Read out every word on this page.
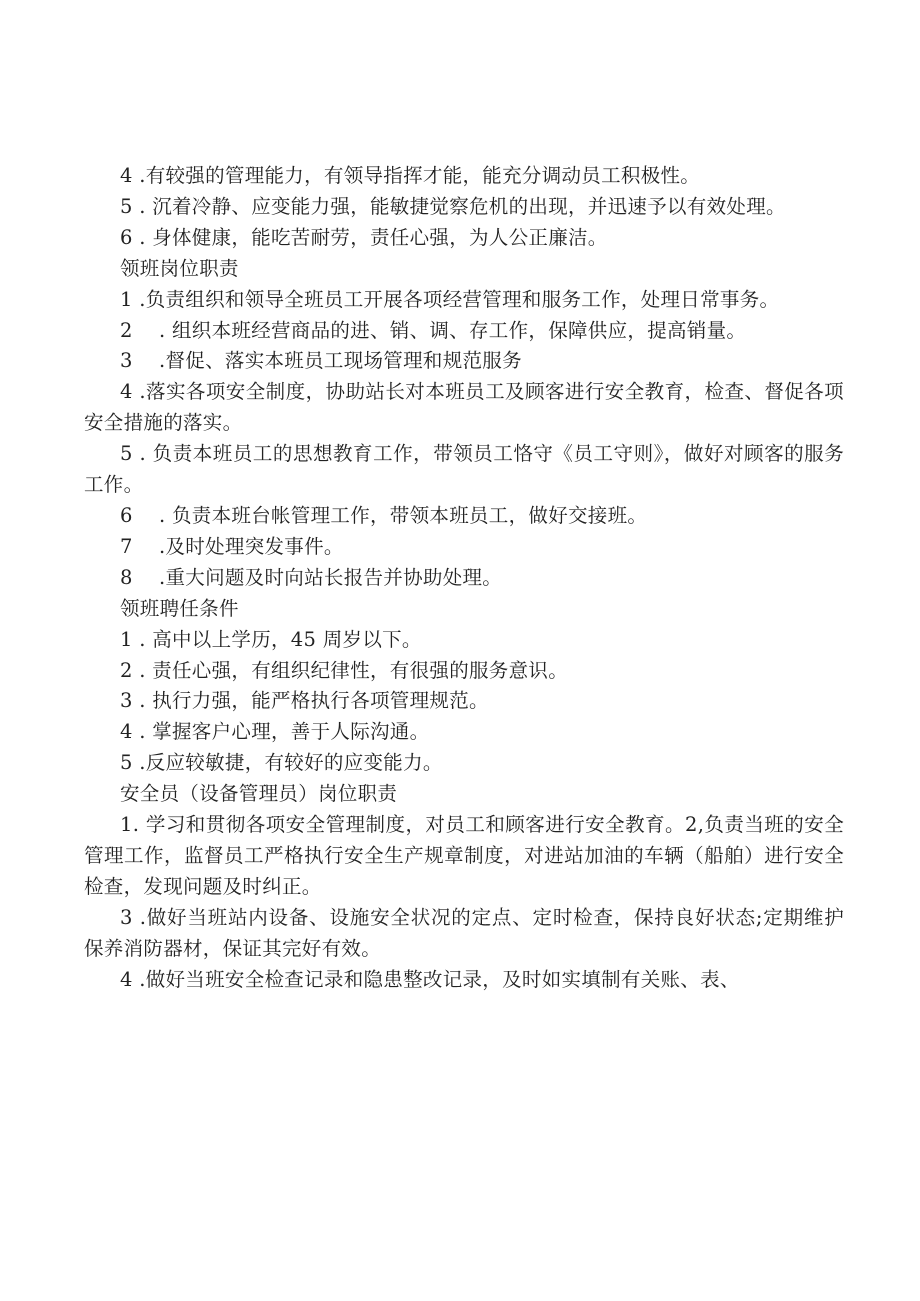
4 .有较强的管理能力，有领导指挥才能，能充分调动员工积极性。

5 . 沉着冷静、应变能力强，能敏捷觉察危机的出现，并迅速予以有效处理。

6 . 身体健康，能吃苦耐劳，责任心强，为人公正廉洁。

领班岗位职责

1 .负责组织和领导全班员工开展各项经营管理和服务工作，处理日常事务。

2　 . 组织本班经营商品的进、销、调、存工作，保障供应，提高销量。

3　 .督促、落实本班员工现场管理和规范服务

4 .落实各项安全制度，协助站长对本班员工及顾客进行安全教育，检查、督促各项安全措施的落实。

5 . 负责本班员工的思想教育工作，带领员工恪守《员工守则》，做好对顾客的服务工作。

6　 . 负责本班台帐管理工作，带领本班员工，做好交接班。

7　 .及时处理突发事件。

8　 .重大问题及时向站长报告并协助处理。

领班聘任条件

1 . 高中以上学历，45 周岁以下。

2 . 责任心强，有组织纪律性，有很强的服务意识。

3 . 执行力强，能严格执行各项管理规范。

4 . 掌握客户心理，善于人际沟通。

5 .反应较敏捷，有较好的应变能力。

安全员（设备管理员）岗位职责

1. 学习和贯彻各项安全管理制度，对员工和顾客进行安全教育。2,负责当班的安全管理工作，监督员工严格执行安全生产规章制度，对进站加油的车辆（船舶）进行安全检查，发现问题及时纠正。

3 .做好当班站内设备、设施安全状况的定点、定时检查，保持良好状态;定期维护保养消防器材，保证其完好有效。

4 .做好当班安全检查记录和隐患整改记录，及时如实填制有关账、表、
